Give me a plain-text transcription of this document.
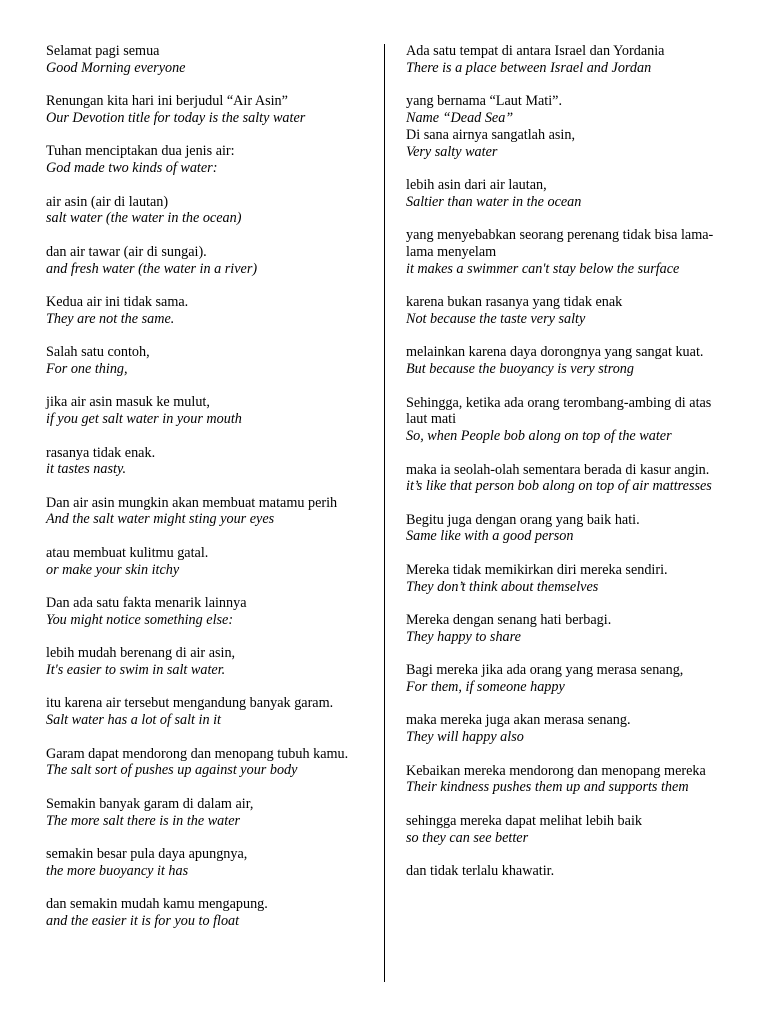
Selamat pagi semua
Good Morning everyone
Renungan kita hari ini berjudul “Air Asin”
Our Devotion title for today is the salty water
Tuhan menciptakan dua jenis air:
God made two kinds of water:
air asin (air di lautan)
salt water (the water in the ocean)
dan air tawar (air di sungai).
and fresh water (the water in a river)
Kedua air ini tidak sama.
They are not the same.
Salah satu contoh,
For one thing,
jika air asin masuk ke mulut,
if you get salt water in your mouth
rasanya tidak enak.
it tastes nasty.
Dan air asin mungkin akan membuat matamu perih
And the salt water might sting your eyes
atau membuat kulitmu gatal.
or make your skin itchy
Dan ada satu fakta menarik lainnya
You might notice something else:
lebih mudah berenang di air asin,
It's easier to swim in salt water.
itu karena air tersebut mengandung banyak garam.
Salt water has a lot of salt in it
Garam dapat mendorong dan menopang tubuh kamu.
The salt sort of pushes up against your body
Semakin banyak garam di dalam air,
The more salt there is in the water
semakin besar pula daya apungnya,
the more buoyancy it has
dan semakin mudah kamu mengapung.
and the easier it is for you to float
Ada satu tempat di antara Israel dan Yordania
There is a place between Israel and Jordan
yang bernama “Laut Mati”.
Name “Dead Sea”
Di sana airnya sangatlah asin,
Very salty water
lebih asin dari air lautan,
Saltier than water in the ocean
yang menyebabkan seorang perenang tidak bisa lama-lama menyelam
it makes a swimmer can't stay below the surface
karena bukan rasanya yang tidak enak
Not because the taste very salty
melainkan karena daya dorongnya yang sangat kuat.
But because the buoyancy is very strong
Sehingga, ketika ada orang terombang-ambing di atas laut mati
So, when People bob along on top of the water
maka ia seolah-olah sementara berada di kasur angin.
it’s like that person bob along on top of air mattresses
Begitu juga dengan orang yang baik hati.
Same like with a good person
Mereka tidak memikirkan diri mereka sendiri.
They don’t think about themselves
Mereka dengan senang hati berbagi.
They happy to share
Bagi mereka jika ada orang yang merasa senang,
For them, if someone happy
maka mereka juga akan merasa senang.
They will happy also
Kebaikan mereka mendorong dan menopang mereka
Their kindness pushes them up and supports them
sehingga mereka dapat melihat lebih baik
so they can see better
dan tidak terlalu khawatir.
